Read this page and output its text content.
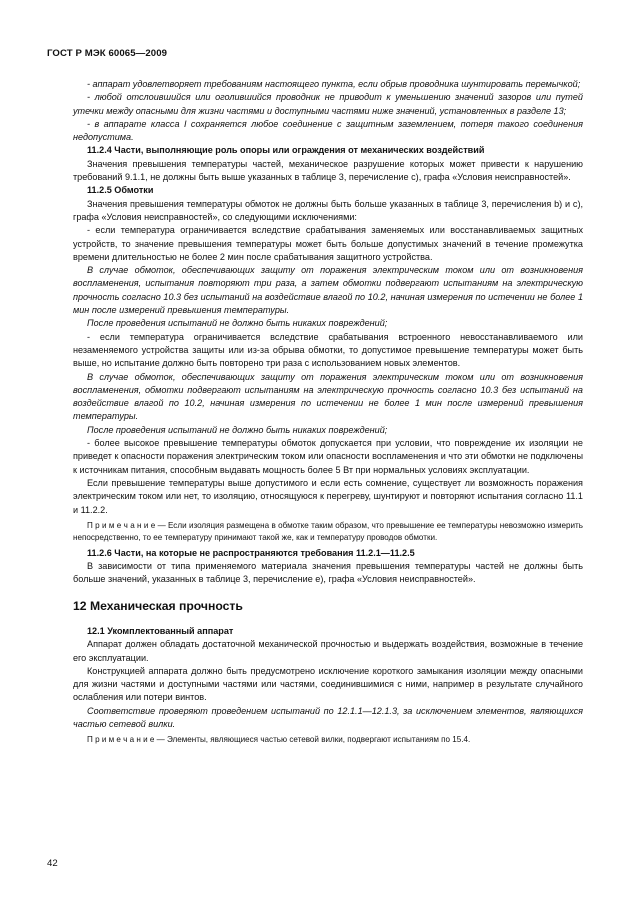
ГОСТ Р МЭК 60065—2009

- аппарат удовлетворяет требованиям настоящего пункта, если обрыв проводника шунтировать перемычкой;

- любой отслоившийся или оголившийся проводник не приводит к уменьшению значений зазоров или путей утечки между опасными для жизни частями и доступными частями ниже значений, установленных в разделе 13;

- в аппарате класса I сохраняется любое соединение с защитным заземлением, потеря такого соединения недопустима.

11.2.4 Части, выполняющие роль опоры или ограждения от механических воздействий

Значения превышения температуры частей, механическое разрушение которых может привести к нарушению требований 9.1.1, не должны быть выше указанных в таблице 3, перечисление с), графа «Условия неисправностей».

11.2.5 Обмотки

Значения превышения температуры обмоток не должны быть больше указанных в таблице 3, перечисления b) и с), графа «Условия неисправностей», со следующими исключениями:

- если температура ограничивается вследствие срабатывания заменяемых или восстанавливаемых защитных устройств, то значение превышения температуры может быть больше допустимых значений в течение промежутка времени длительностью не более 2 мин после срабатывания защитного устройства.

В случае обмоток, обеспечивающих защиту от поражения электрическим током или от возникновения воспламенения, испытания повторяют три раза, а затем обмотки подвергают испытаниям на электрическую прочность согласно 10.3 без испытаний на воздействие влагой по 10.2, начиная измерения по истечении не более 1 мин после измерений превышения температуры.

После проведения испытаний не должно быть никаких повреждений;

- если температура ограничивается вследствие срабатывания встроенного невосстанавливаемого или незаменяемого устройства защиты или из-за обрыва обмотки, то допустимое превышение температуры может быть выше, но испытание должно быть повторено три раза с использованием новых элементов.

В случае обмоток, обеспечивающих защиту от поражения электрическим током или от возникновения воспламенения, обмотки подвергают испытаниям на электрическую прочность согласно 10.3 без испытаний на воздействие влагой по 10.2, начиная измерения по истечении не более 1 мин после измерений превышения температуры.

После проведения испытаний не должно быть никаких повреждений;

- более высокое превышение температуры обмоток допускается при условии, что повреждение их изоляции не приведет к опасности поражения электрическим током или опасности воспламенения и что эти обмотки не подключены к источникам питания, способным выдавать мощность более 5 Вт при нормальных условиях эксплуатации.

Если превышение температуры выше допустимого и если есть сомнение, существует ли возможность поражения электрическим током или нет, то изоляцию, относящуюся к перегреву, шунтируют и повторяют испытания согласно 11.1 и 11.2.2.

П р и м е ч а н и е — Если изоляция размещена в обмотке таким образом, что превышение ее температуры невозможно измерить непосредственно, то ее температуру принимают такой же, как и температуру проводов обмотки.

11.2.6 Части, на которые не распространяются требования 11.2.1—11.2.5

В зависимости от типа применяемого материала значения превышения температуры частей не должны быть больше значений, указанных в таблице 3, перечисление е), графа «Условия неисправностей».

12 Механическая прочность

12.1 Укомплектованный аппарат

Аппарат должен обладать достаточной механической прочностью и выдержать воздействия, возможные в течение его эксплуатации.

Конструкцией аппарата должно быть предусмотрено исключение короткого замыкания изоляции между опасными для жизни частями и доступными частями или частями, соединившимися с ними, например в результате случайного ослабления или потери винтов.

Соответствие проверяют проведением испытаний по 12.1.1—12.1.3, за исключением элементов, являющихся частью сетевой вилки.

П р и м е ч а н и е — Элементы, являющиеся частью сетевой вилки, подвергают испытаниям по 15.4.

42
